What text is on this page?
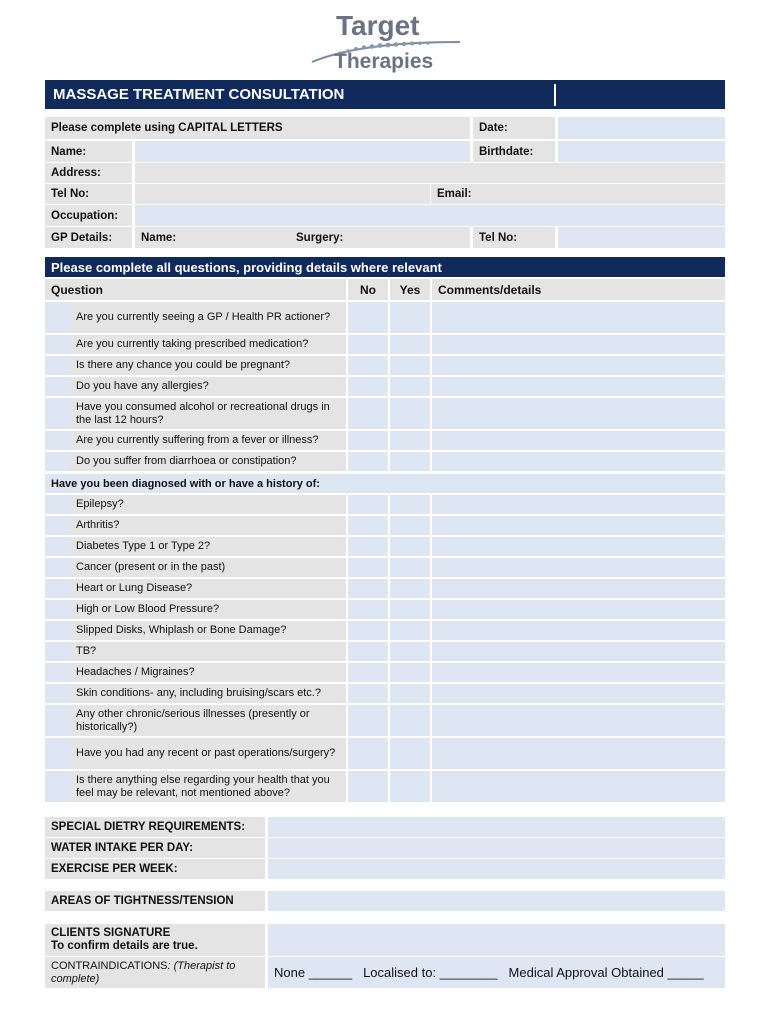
Target
Therapies
MASSAGE TREATMENT CONSULTATION
Please complete using CAPITAL LETTERS	Date:
Name:	Birthdate:
Address:
Tel No:	Email:
Occupation:
GP Details:	Name:	Surgery:	Tel No:
Please complete all questions, providing details where relevant
Question	No Yes Comments/details
Are you currently seeing a GP / Health PR actioner?
Are you currently taking prescribed medication?
Is there any chance you could be pregnant?
Do you have any allergies?
Have you consumed alcohol or recreational drugs in the last 12 hours?
Are you currently suffering from a fever or illness?
Do you suffer from diarrhoea or constipation?
Have you been diagnosed with or have a history of:
Epilepsy?
Arthritis?
Diabetes Type 1 or Type 2?
Cancer (present or in the past)
Heart or Lung Disease?
High or Low Blood Pressure?
Slipped Disks, Whiplash or Bone Damage?
TB?
Headaches / Migraines?
Skin conditions- any, including bruising/scars etc.?
Any other chronic/serious illnesses (presently or historically?)
Have you had any recent or past operations/surgery?
Is there anything else regarding your health that you feel may be relevant, not mentioned above?
SPECIAL DIETRY REQUIREMENTS:
WATER INTAKE PER DAY:
EXERCISE PER WEEK:
AREAS OF TIGHTNESS/TENSION
CLIENTS SIGNATURE
To confirm details are true.
CONTRAINDICATIONS: (Therapist to complete)	None ______ Localised to: ________ Medical Approval Obtained _____
